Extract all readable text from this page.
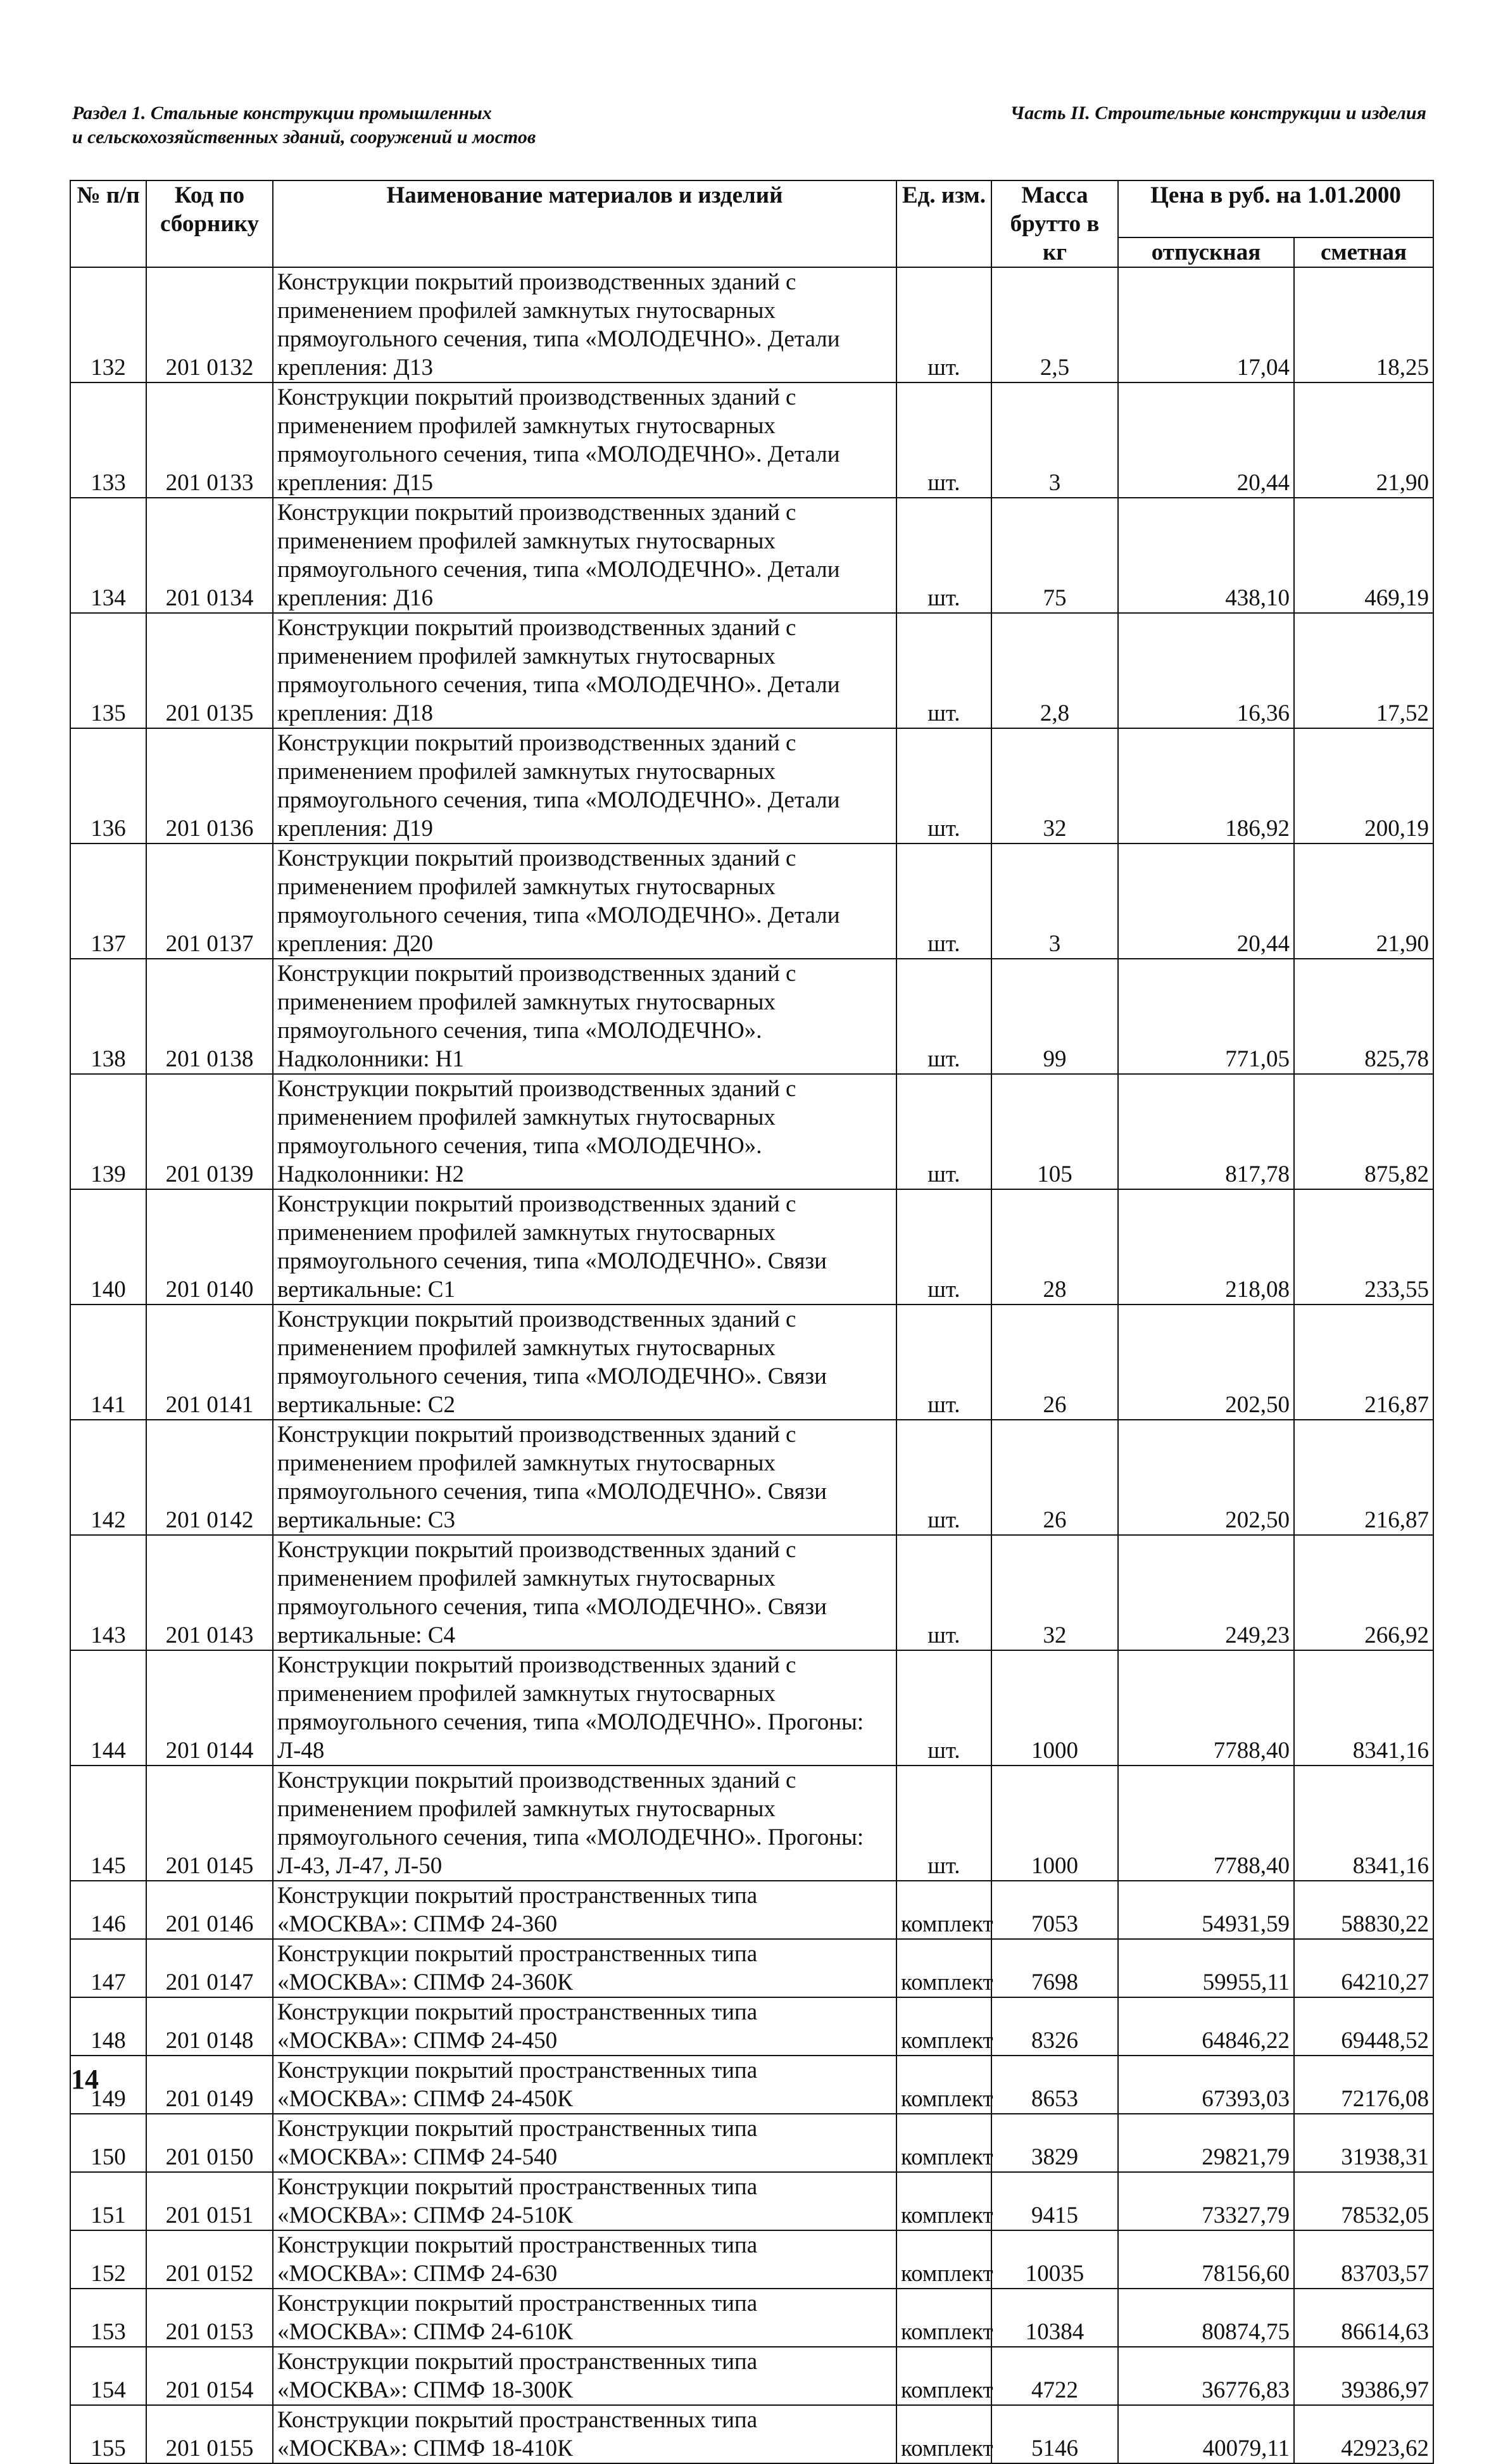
Раздел 1. Стальные конструкции промышленных
и сельскохозяйственных зданий, сооружений и мостов
Часть II. Строительные конструкции и изделия
№ п/п	Код по сборнику	Наименование материалов и изделий	Ед. изм.	Масса брутто в кг	Цена в руб. на 1.01.2000	
					отпускная	сметная
132	201 0132	Конструкции покрытий производственных зданий с применением профилей замкнутых гнутосварных прямоугольного сечения, типа «МОЛОДЕЧНО». Детали крепления: Д13	шт.	2,5	17,04	18,25
133	201 0133	Конструкции покрытий производственных зданий с применением профилей замкнутых гнутосварных прямоугольного сечения, типа «МОЛОДЕЧНО». Детали крепления: Д15	шт.	3	20,44	21,90
134	201 0134	Конструкции покрытий производственных зданий с применением профилей замкнутых гнутосварных прямоугольного сечения, типа «МОЛОДЕЧНО». Детали крепления: Д16	шт.	75	438,10	469,19
135	201 0135	Конструкции покрытий производственных зданий с применением профилей замкнутых гнутосварных прямоугольного сечения, типа «МОЛОДЕЧНО». Детали крепления: Д18	шт.	2,8	16,36	17,52
136	201 0136	Конструкции покрытий производственных зданий с применением профилей замкнутых гнутосварных прямоугольного сечения, типа «МОЛОДЕЧНО». Детали крепления: Д19	шт.	32	186,92	200,19
137	201 0137	Конструкции покрытий производственных зданий с применением профилей замкнутых гнутосварных прямоугольного сечения, типа «МОЛОДЕЧНО». Детали крепления: Д20	шт.	3	20,44	21,90
138	201 0138	Конструкции покрытий производственных зданий с применением профилей замкнутых гнутосварных прямоугольного сечения, типа «МОЛОДЕЧНО». Надколонники: Н1	шт.	99	771,05	825,78
139	201 0139	Конструкции покрытий производственных зданий с применением профилей замкнутых гнутосварных прямоугольного сечения, типа «МОЛОДЕЧНО». Надколонники: Н2	шт.	105	817,78	875,82
140	201 0140	Конструкции покрытий производственных зданий с применением профилей замкнутых гнутосварных прямоугольного сечения, типа «МОЛОДЕЧНО». Связи вертикальные: С1	шт.	28	218,08	233,55
141	201 0141	Конструкции покрытий производственных зданий с применением профилей замкнутых гнутосварных прямоугольного сечения, типа «МОЛОДЕЧНО». Связи вертикальные: С2	шт.	26	202,50	216,87
142	201 0142	Конструкции покрытий производственных зданий с применением профилей замкнутых гнутосварных прямоугольного сечения, типа «МОЛОДЕЧНО». Связи вертикальные: С3	шт.	26	202,50	216,87
143	201 0143	Конструкции покрытий производственных зданий с применением профилей замкнутых гнутосварных прямоугольного сечения, типа «МОЛОДЕЧНО». Связи вертикальные: С4	шт.	32	249,23	266,92
144	201 0144	Конструкции покрытий производственных зданий с применением профилей замкнутых гнутосварных прямоугольного сечения, типа «МОЛОДЕЧНО». Прогоны: Л-48	шт.	1000	7788,40	8341,16
145	201 0145	Конструкции покрытий производственных зданий с применением профилей замкнутых гнутосварных прямоугольного сечения, типа «МОЛОДЕЧНО». Прогоны: Л-43, Л-47, Л-50	шт.	1000	7788,40	8341,16
146	201 0146	Конструкции покрытий пространственных типа «МОСКВА»: СПМФ 24-360	комплект	7053	54931,59	58830,22
147	201 0147	Конструкции покрытий пространственных типа «МОСКВА»: СПМФ 24-360К	комплект	7698	59955,11	64210,27
148	201 0148	Конструкции покрытий пространственных типа «МОСКВА»: СПМФ 24-450	комплект	8326	64846,22	69448,52
149	201 0149	Конструкции покрытий пространственных типа «МОСКВА»: СПМФ 24-450К	комплект	8653	67393,03	72176,08
150	201 0150	Конструкции покрытий пространственных типа «МОСКВА»: СПМФ 24-540	комплект	3829	29821,79	31938,31
151	201 0151	Конструкции покрытий пространственных типа «МОСКВА»: СПМФ 24-510К	комплект	9415	73327,79	78532,05
152	201 0152	Конструкции покрытий пространственных типа «МОСКВА»: СПМФ 24-630	комплект	10035	78156,60	83703,57
153	201 0153	Конструкции покрытий пространственных типа «МОСКВА»: СПМФ 24-610К	комплект	10384	80874,75	86614,63
154	201 0154	Конструкции покрытий пространственных типа «МОСКВА»: СПМФ 18-300К	комплект	4722	36776,83	39386,97
155	201 0155	Конструкции покрытий пространственных типа «МОСКВА»: СПМФ 18-410К	комплект	5146	40079,11	42923,62
14
